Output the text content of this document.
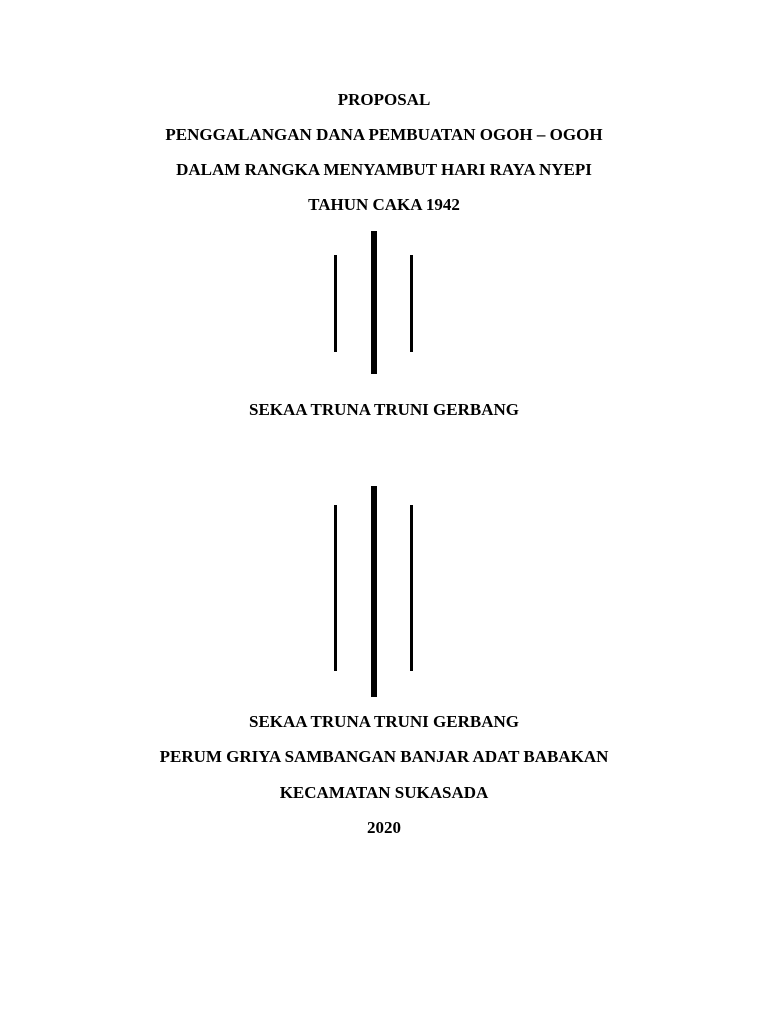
PROPOSAL
PENGGALANGAN DANA PEMBUATAN OGOH – OGOH
DALAM RANGKA MENYAMBUT HARI RAYA NYEPI
TAHUN CAKA 1942
SEKAA TRUNA TRUNI GERBANG
SEKAA TRUNA TRUNI GERBANG
PERUM GRIYA SAMBANGAN BANJAR ADAT BABAKAN
KECAMATAN SUKASADA
2020
